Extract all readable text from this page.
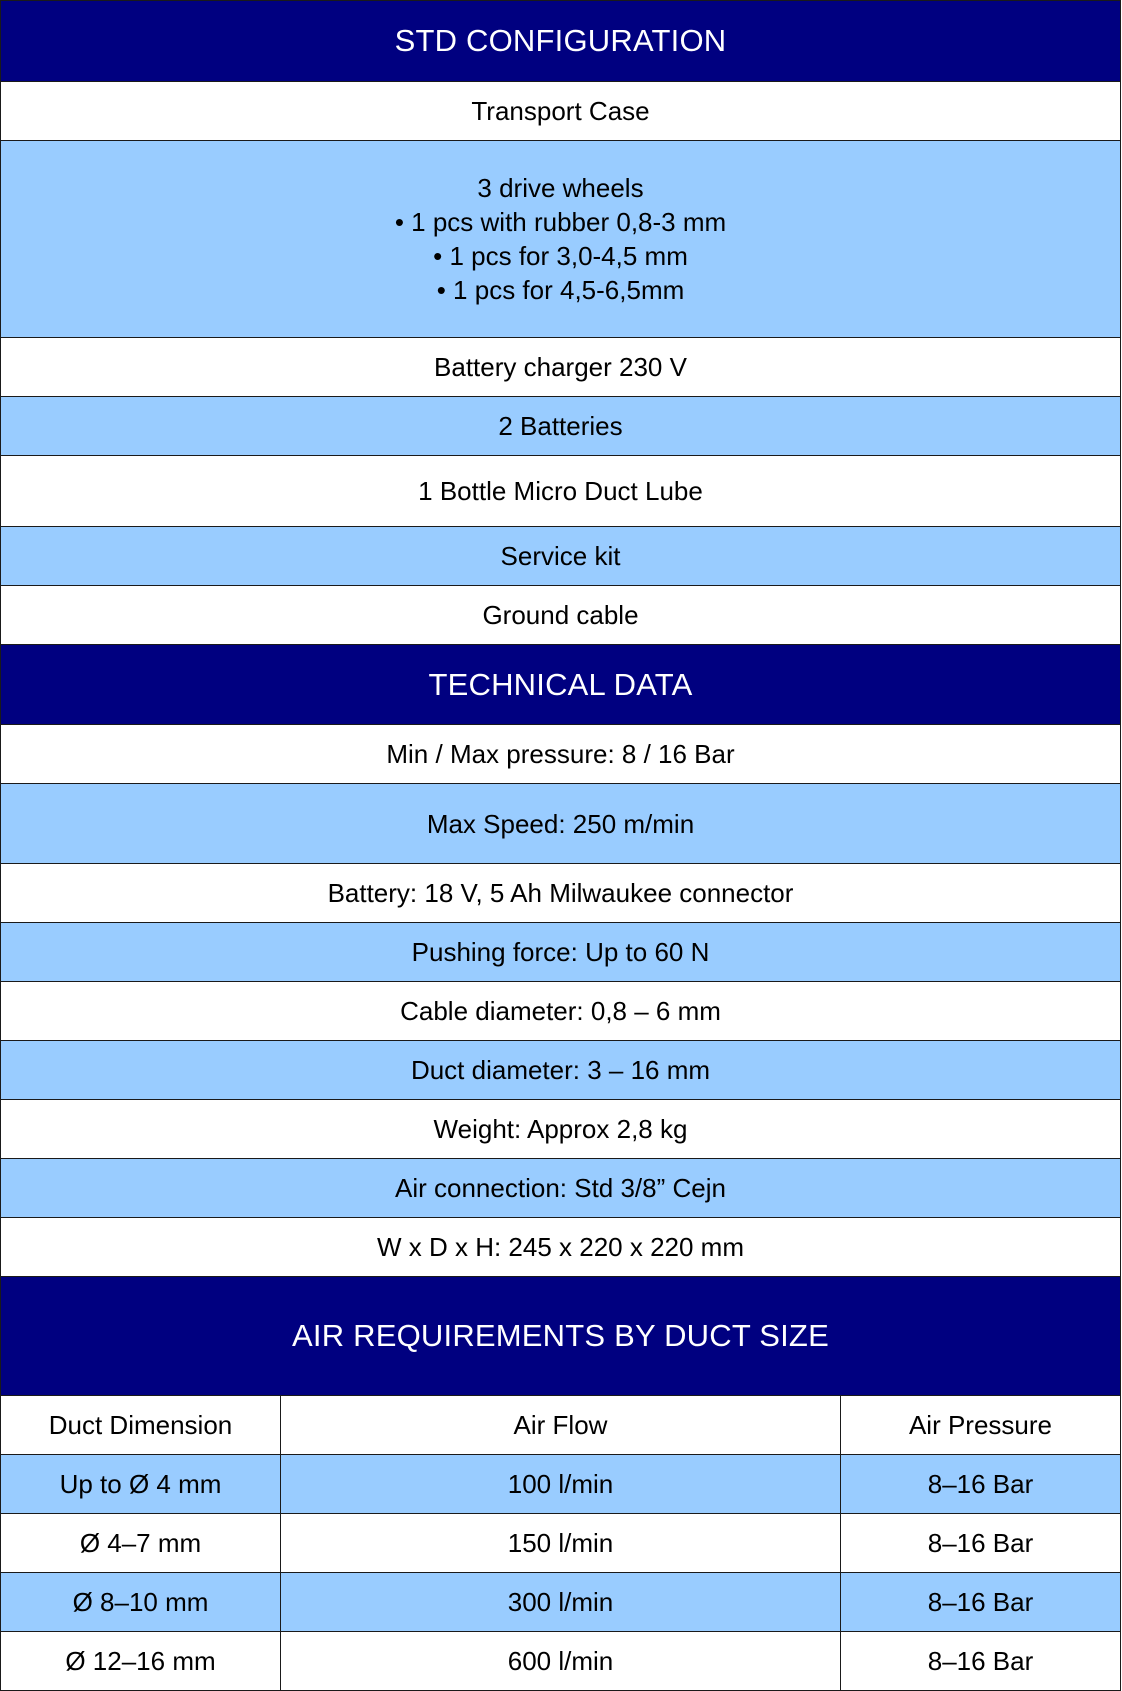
STD CONFIGURATION		
Transport Case		

3 drive wheels
• 1 pcs with rubber 0,8-3 mm
• 1 pcs for 3,0-4,5 mm
• 1 pcs for 4,5-6,5mm		

Battery charger 230 V		
2 Batteries		
1 Bottle Micro Duct Lube		
Service kit		
Ground cable		
TECHNICAL DATA		
Min / Max pressure: 8 / 16 Bar		
Max Speed: 250 m/min		
Battery: 18 V, 5 Ah Milwaukee connector		
Pushing force: Up to 60 N		
Cable diameter: 0,8 – 6 mm		
Duct diameter: 3 – 16 mm		
Weight: Approx 2,8 kg		
Air connection: Std 3/8” Cejn		
W x D x H: 245 x 220 x 220 mm		
AIR REQUIREMENTS BY DUCT SIZE		
Duct Dimension	Air Flow	Air Pressure
Up to Ø 4 mm	100 l/min	8–16 Bar
Ø 4–7 mm	150 l/min	8–16 Bar
Ø 8–10 mm	300 l/min	8–16 Bar
Ø 12–16 mm	600 l/min	8–16 Bar
